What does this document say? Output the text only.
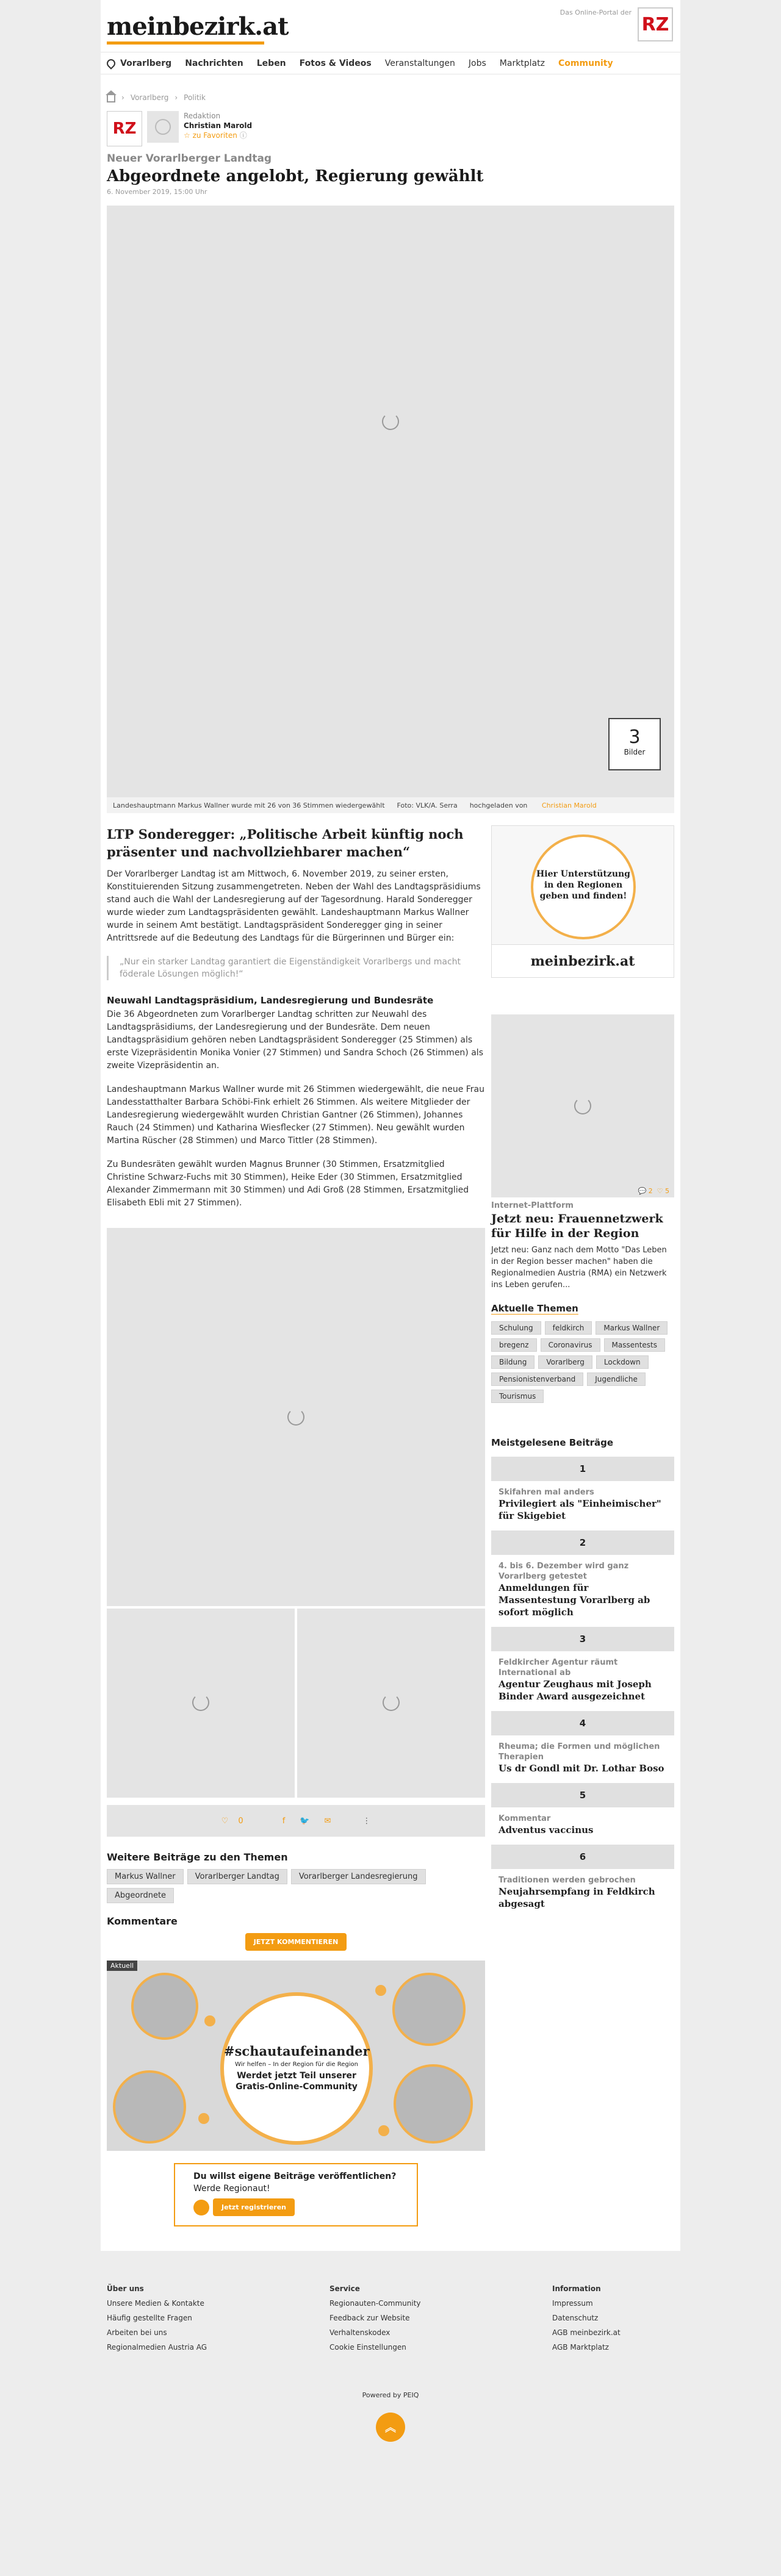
meinbezirk.at	Das Online-Portal der
RZ
Vorarlberg Nachrichten Leben Fotos & Videos Veranstaltungen Jobs Marktplatz Community
› Vorarlberg › Politik
RZ
Redaktion
Christian Marold
☆ zu Favoriten ⓘ
Neuer Vorarlberger Landtag
Abgeordnete angelobt, Regierung gewählt
6. November 2019, 15:00 Uhr
3
Bilder
Landeshauptmann Markus Wallner wurde mit 26 von 36 Stimmen wiedergewählt Foto: VLK/A. Serra hochgeladen von Christian Marold
LTP Sonderegger: „Politische Arbeit künftig noch präsenter und nachvollziehbarer machen“

Der Vorarlberger Landtag ist am Mittwoch, 6. November 2019, zu seiner ersten, Konstituierenden Sitzung zusammengetreten. Neben der Wahl des Landtagspräsidiums stand auch die Wahl der Landesregierung auf der Tagesordnung. Harald Sonderegger wurde wieder zum Landtagspräsidenten gewählt. Landeshauptmann Markus Wallner wurde in seinem Amt bestätigt. Landtagspräsident Sonderegger ging in seiner Antrittsrede auf die Bedeutung des Landtags für die Bürgerinnen und Bürger ein:

„Nur ein starker Landtag garantiert die Eigenständigkeit Vorarlbergs und macht föderale Lösungen möglich!“
Neuwahl Landtagspräsidium, Landesregierung und Bundesräte

Die 36 Abgeordneten zum Vorarlberger Landtag schritten zur Neuwahl des Landtagspräsidiums, der Landesregierung und der Bundesräte. Dem neuen Landtagspräsidium gehören neben Landtagspräsident Sonderegger (25 Stimmen) als erste Vizepräsidentin Monika Vonier (27 Stimmen) und Sandra Schoch (26 Stimmen) als zweite Vizepräsidentin an.

Landeshauptmann Markus Wallner wurde mit 26 Stimmen wiedergewählt, die neue Frau Landesstatthalter Barbara Schöbi-Fink erhielt 26 Stimmen. Als weitere Mitglieder der Landesregierung wiedergewählt wurden Christian Gantner (26 Stimmen), Johannes Rauch (24 Stimmen) und Katharina Wiesflecker (27 Stimmen). Neu gewählt wurden Martina Rüscher (28 Stimmen) und Marco Tittler (28 Stimmen).

Zu Bundesräten gewählt wurden Magnus Brunner (30 Stimmen, Ersatzmitglied Christine Schwarz-Fuchs mit 30 Stimmen), Heike Eder (30 Stimmen, Ersatzmitglied Alexander Zimmermann mit 30 Stimmen) und Adi Groß (28 Stimmen, Ersatzmitglied Elisabeth Ebli mit 27 Stimmen).

♡ 0	f 🐦 ✉	⋮
Weitere Beiträge zu den Themen
Markus Wallner	Vorarlberger Landtag	Vorarlberger Landesregierung
Abgeordnete
Kommentare
JETZT KOMMENTIEREN
Aktuell
#schautaufeinander
Wir helfen – In der Region für die Region
Werdet jetzt Teil unserer Gratis-Online-Community
Du willst eigene Beiträge veröffentlichen?
Werde Regionaut!
Jetzt registrieren
Hier Unterstützung in den Regionen geben und finden!
meinbezirk.at
💬 2  ♡ 5
Internet-Plattform
Jetzt neu: Frauennetzwerk für Hilfe in der Region
Jetzt neu: Ganz nach dem Motto "Das Leben in der Region besser machen" haben die Regionalmedien Austria (RMA) ein Netzwerk ins Leben gerufen...
Aktuelle Themen
Schulung	feldkirch	Markus Wallner
bregenz	Coronavirus	Massentests
Bildung	Vorarlberg	Lockdown
Pensionistenverband	Jugendliche
Tourismus
Meistgelesene Beiträge
1
Skifahren mal anders
Privilegiert als "Einheimischer" für Skigebiet
2
4. bis 6. Dezember wird ganz Vorarlberg getestet
Anmeldungen für Massentestung Vorarlberg ab sofort möglich
3
Feldkircher Agentur räumt International ab
Agentur Zeughaus mit Joseph Binder Award ausgezeichnet
4
Rheuma; die Formen und möglichen Therapien
Us dr Gondl mit Dr. Lothar Boso
5
Kommentar
Adventus vaccinus
6
Traditionen werden gebrochen
Neujahrsempfang in Feldkirch abgesagt
Über uns
Unsere Medien & Kontakte
Häufig gestellte Fragen
Arbeiten bei uns
Regionalmedien Austria AG
Service
Regionauten-Community
Feedback zur Website
Verhaltenskodex
Cookie Einstellungen
Information
Impressum
Datenschutz
AGB meinbezirk.at
AGB Marktplatz
Powered by PEIQ
︽
